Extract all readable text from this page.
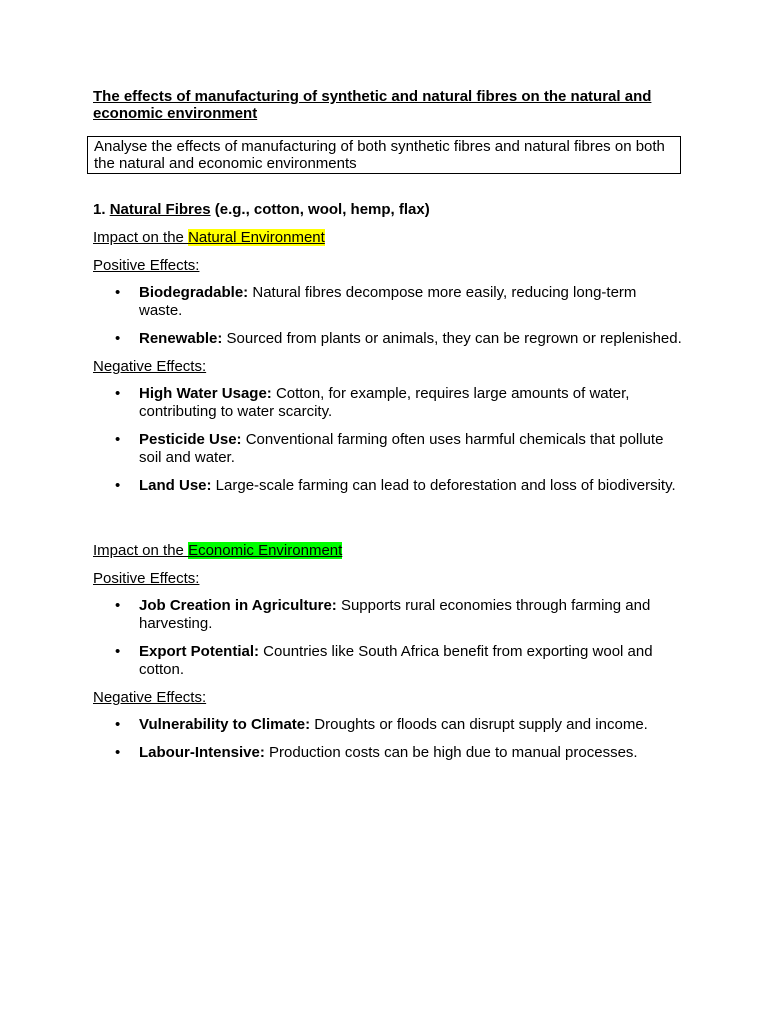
The effects of manufacturing of synthetic and natural fibres on the natural and economic environment

Analyse the effects of manufacturing of both synthetic fibres and natural fibres on both the natural and economic environments
1. Natural Fibres (e.g., cotton, wool, hemp, flax)
Impact on the Natural Environment
Positive Effects:
• Biodegradable: Natural fibres decompose more easily, reducing long-term waste.
• Renewable: Sourced from plants or animals, they can be regrown or replenished.
Negative Effects:
• High Water Usage: Cotton, for example, requires large amounts of water, contributing to water scarcity.
• Pesticide Use: Conventional farming often uses harmful chemicals that pollute soil and water.
• Land Use: Large-scale farming can lead to deforestation and loss of biodiversity.
Impact on the Economic Environment
Positive Effects:
• Job Creation in Agriculture: Supports rural economies through farming and harvesting.
• Export Potential: Countries like South Africa benefit from exporting wool and cotton.
Negative Effects:
• Vulnerability to Climate: Droughts or floods can disrupt supply and income.
• Labour-Intensive: Production costs can be high due to manual processes.
